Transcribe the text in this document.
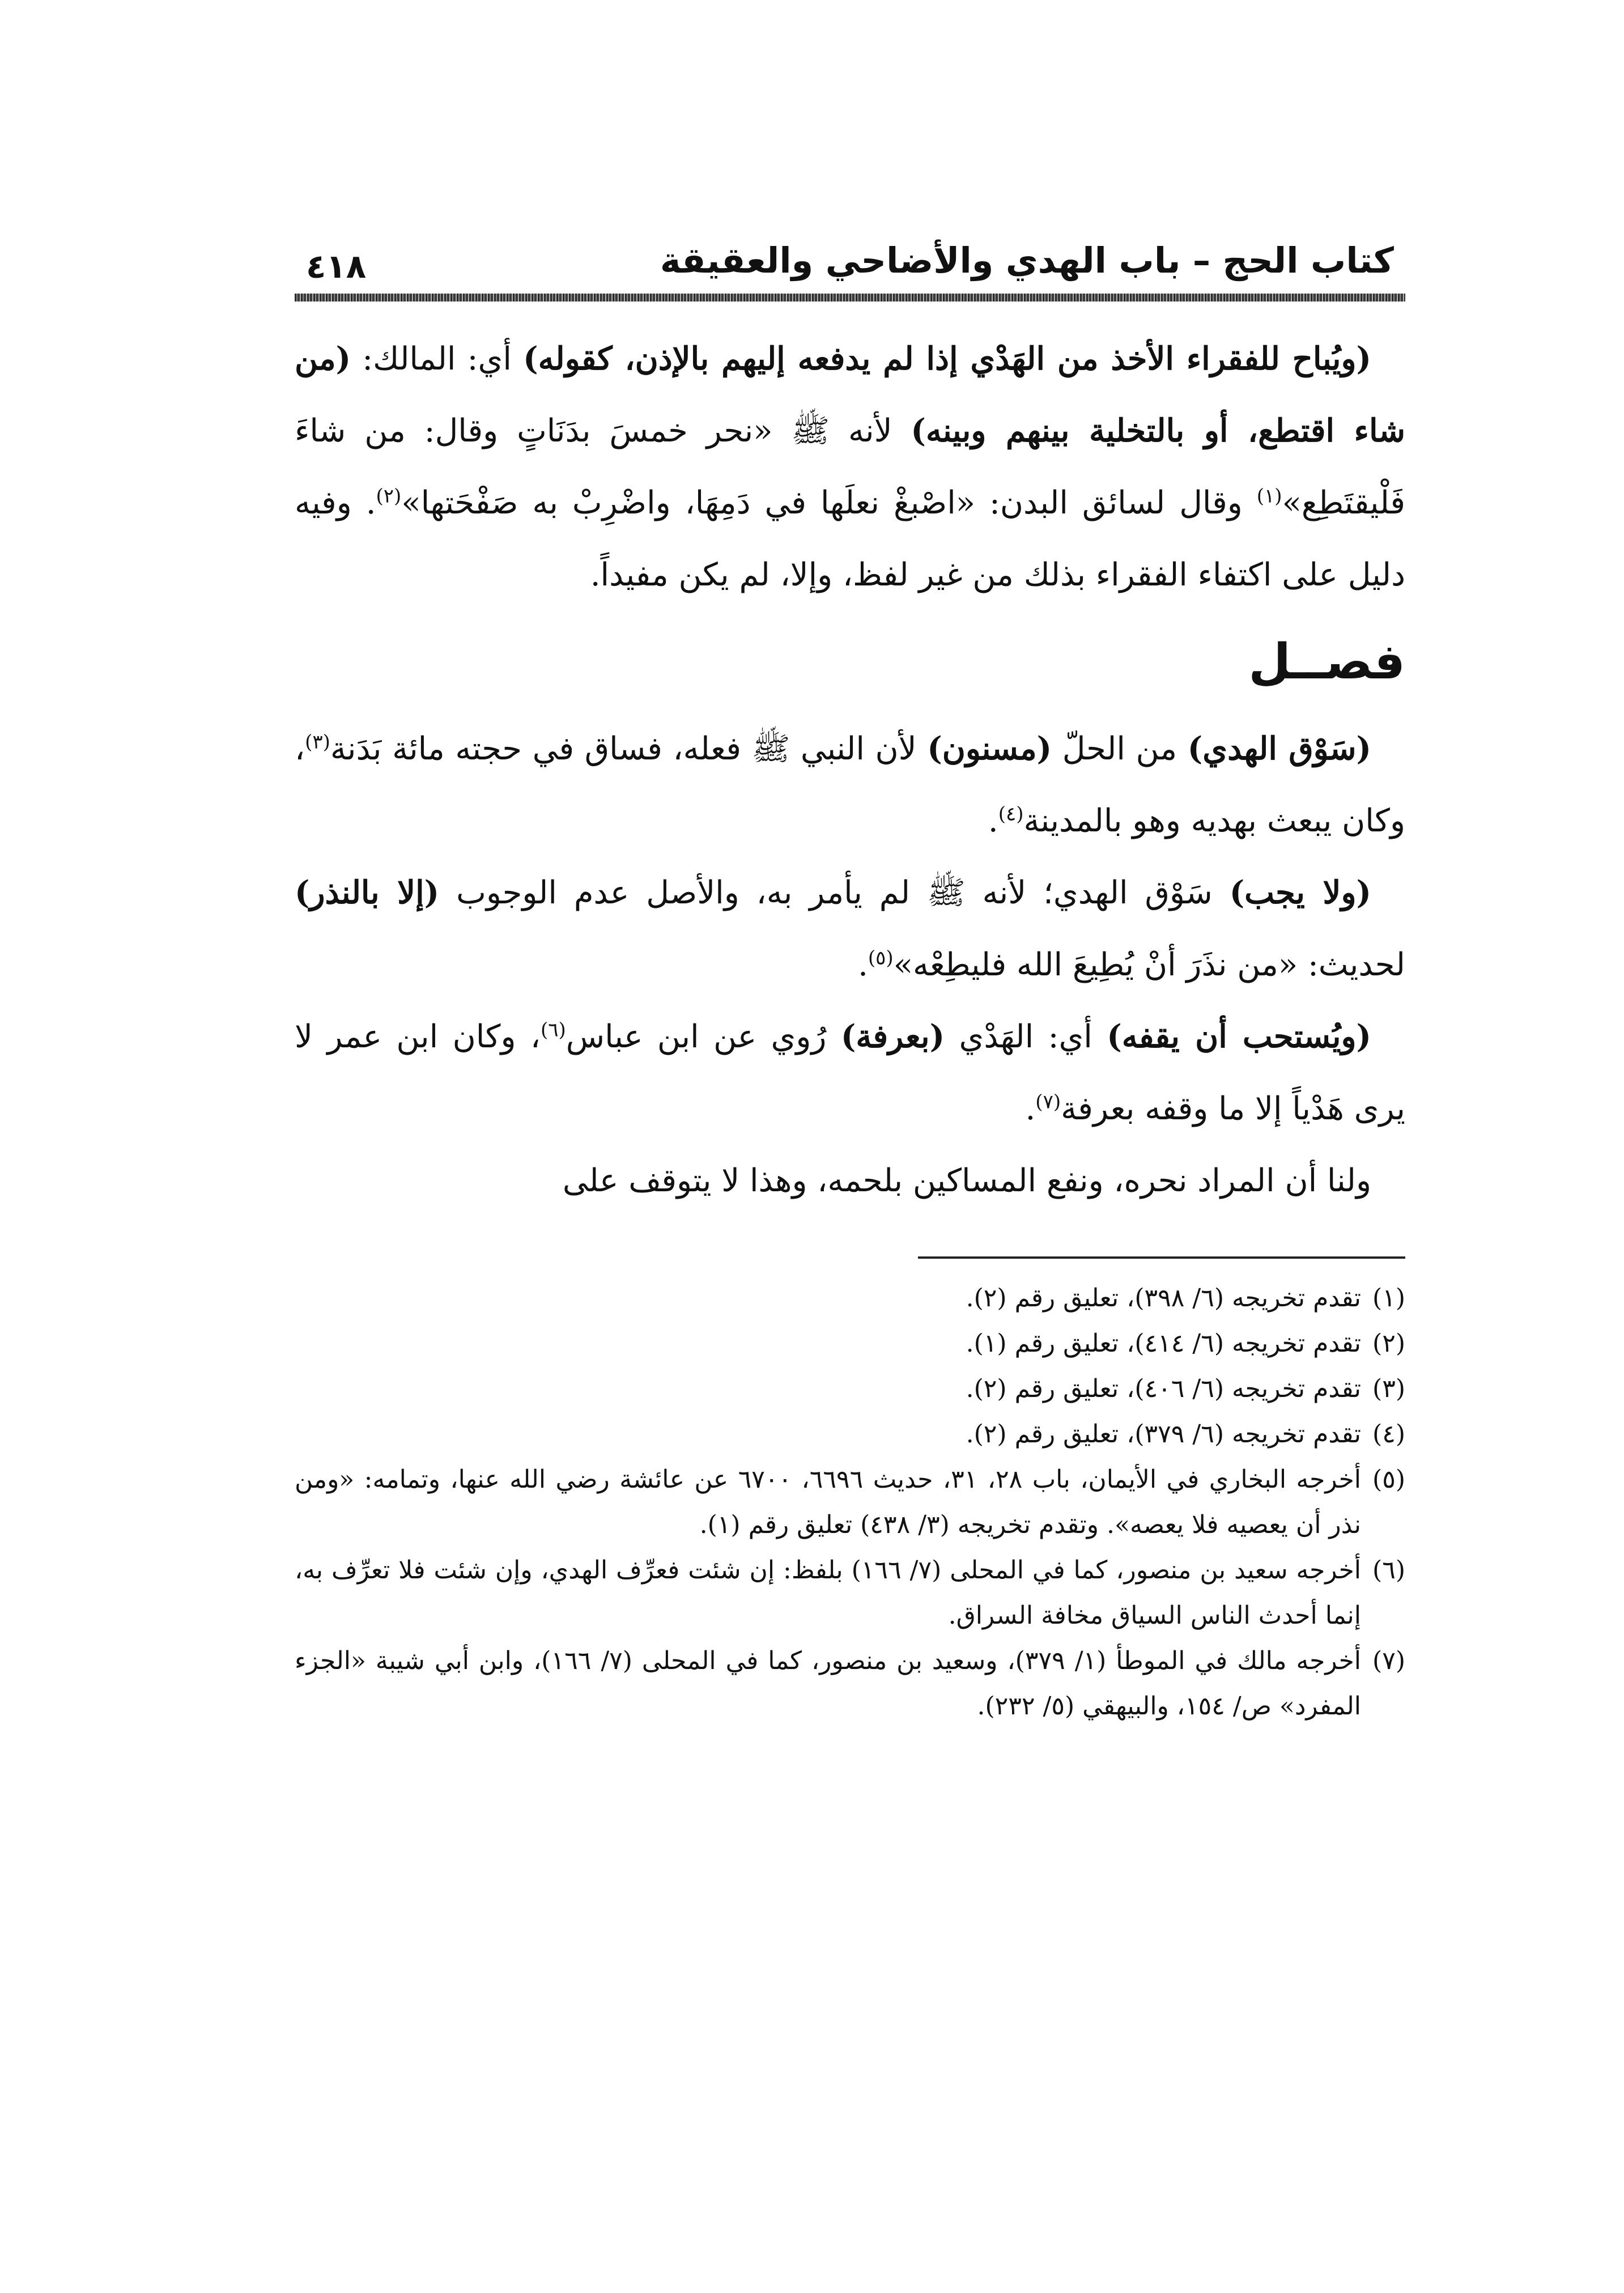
كتاب الحج – باب الهدي والأضاحي والعقيقة
٤١٨

(ويُباح للفقراء الأخذ من الهَدْي إذا لم يدفعه إليهم بالإذن، كقوله) أي: المالك: (من شاء اقتطع، أو بالتخلية بينهم وبينه) لأنه ﷺ «نحر خمسَ بدَنَاتٍ وقال: من شاءَ فَلْيقتَطِع»$^{(١)}$ وقال لسائق البدن: «اصْبغْ نعلَها في دَمِهَا، واضْرِبْ به صَفْحَتها»$^{(٢)}$. وفيه دليل على اكتفاء الفقراء بذلك من غير لفظ، وإلا، لم يكن مفيداً.

فصــل

(سَوْق الهدي) من الحلّ (مسنون) لأن النبي ﷺ فعله، فساق في حجته مائة بَدَنة$^{(٣)}$، وكان يبعث بهديه وهو بالمدينة$^{(٤)}$.

(ولا يجب) سَوْق الهدي؛ لأنه ﷺ لم يأمر به، والأصل عدم الوجوب (إلا بالنذر) لحديث: «من نذَرَ أنْ يُطِيعَ الله فليطِعْه»$^{(٥)}$.

(ويُستحب أن يقفه) أي: الهَدْي (بعرفة) رُوي عن ابن عباس$^{(٦)}$، وكان ابن عمر لا يرى هَدْياً إلا ما وقفه بعرفة$^{(٧)}$.

ولنا أن المراد نحره، ونفع المساكين بلحمه، وهذا لا يتوقف على

(١)
تقدم تخريجه (٦/ ٣٩٨)، تعليق رقم (٢).
(٢)
تقدم تخريجه (٦/ ٤١٤)، تعليق رقم (١).
(٣)
تقدم تخريجه (٦/ ٤٠٦)، تعليق رقم (٢).
(٤)
تقدم تخريجه (٦/ ٣٧٩)، تعليق رقم (٢).
(٥)
أخرجه البخاري في الأيمان، باب ٢٨، ٣١، حديث ٦٦٩٦، ٦٧٠٠ عن عائشة رضي الله عنها، وتمامه: «ومن نذر أن يعصيه فلا يعصه». وتقدم تخريجه (٣/ ٤٣٨) تعليق رقم (١).
(٦)
أخرجه سعيد بن منصور، كما في المحلى (٧/ ١٦٦) بلفظ: إن شئت فعرِّف الهدي، وإن شئت فلا تعرِّف به، إنما أحدث الناس السياق مخافة السراق.
(٧)
أخرجه مالك في الموطأ (١/ ٣٧٩)، وسعيد بن منصور، كما في المحلى (٧/ ١٦٦)، وابن أبي شيبة «الجزء المفرد» ص/ ١٥٤، والبيهقي (٥/ ٢٣٢).
